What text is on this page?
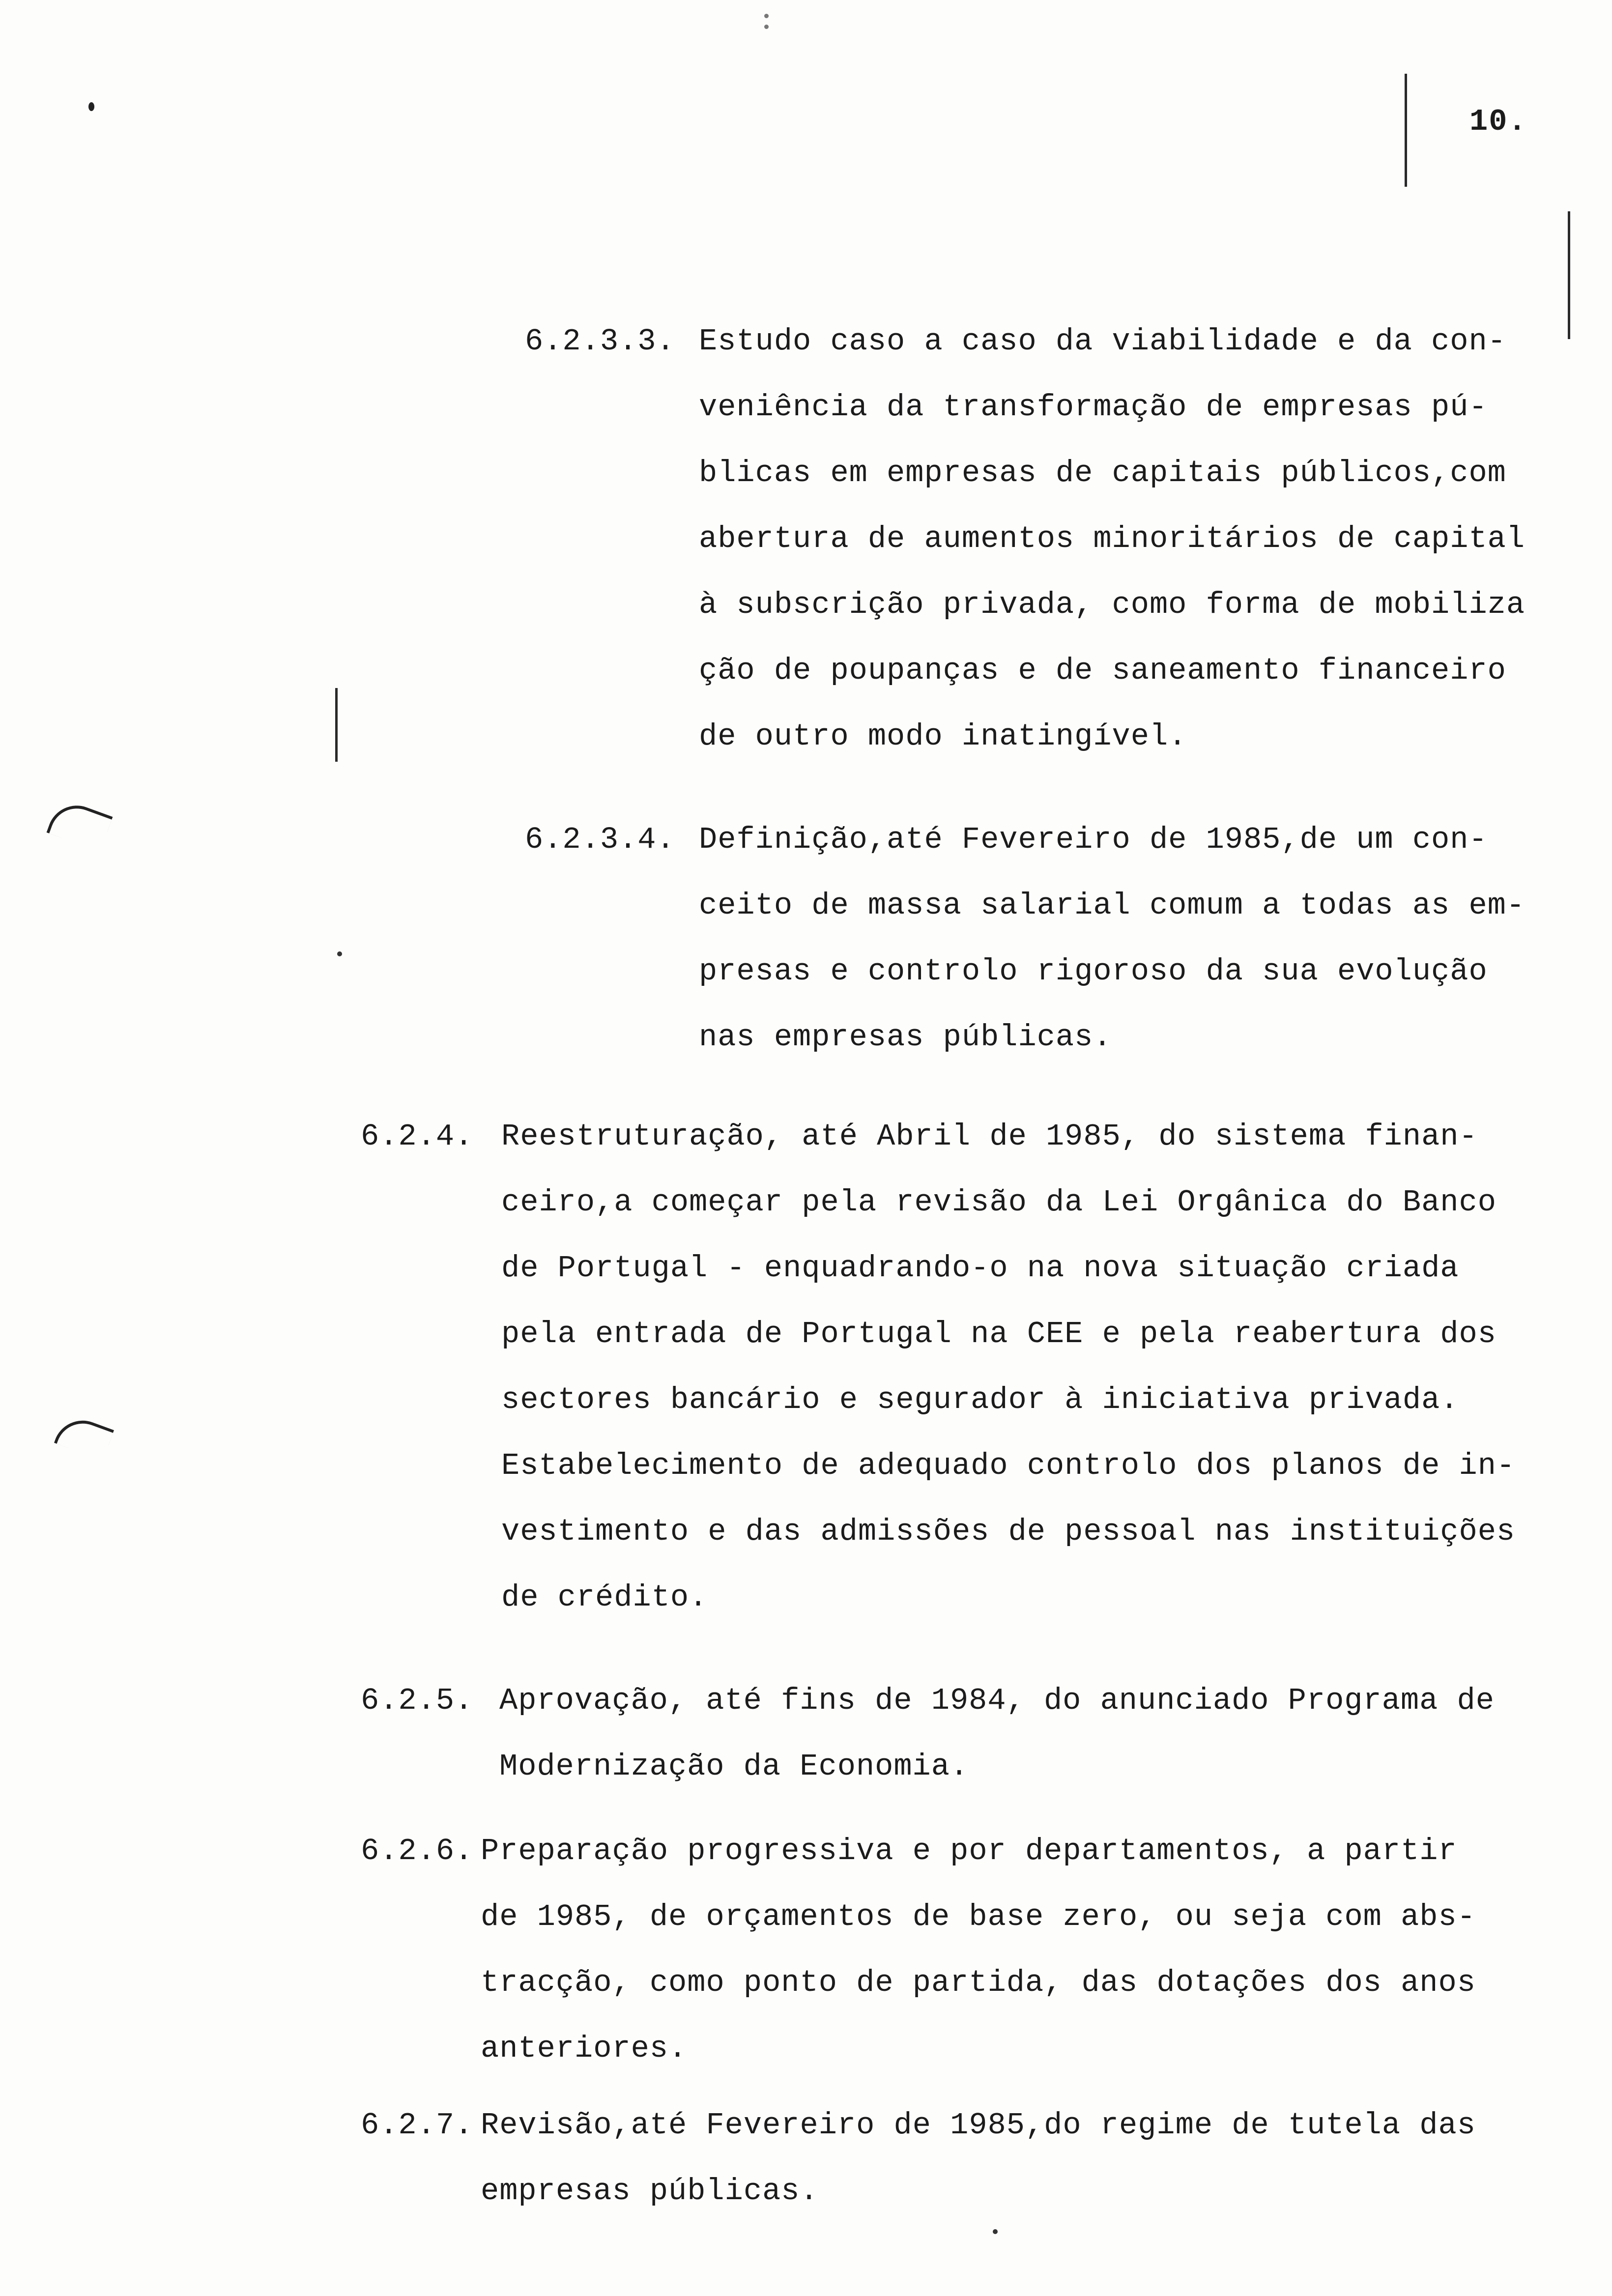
10.
6.2.3.3. Estudo caso a caso da viabilidade e da con-
veniência da transformação de empresas pú-
blicas em empresas de capitais públicos,com
abertura de aumentos minoritários de capital
à subscrição privada, como forma de mobiliza
ção de poupanças e de saneamento financeiro
de outro modo inatingível.
6.2.3.4. Definição,até Fevereiro de 1985,de um con-
ceito de massa salarial comum a todas as em-
presas e controlo rigoroso da sua evolução
nas empresas públicas.
6.2.4. Reestruturação, até Abril de 1985, do sistema finan-
ceiro,a começar pela revisão da Lei Orgânica do Banco
de Portugal - enquadrando-o na nova situação criada
pela entrada de Portugal na CEE e pela reabertura dos
sectores bancário e segurador à iniciativa privada.
Estabelecimento de adequado controlo dos planos de in-
vestimento e das admissões de pessoal nas instituições
de crédito.
6.2.5. Aprovação, até fins de 1984, do anunciado Programa de
Modernização da Economia.
6.2.6. Preparação progressiva e por departamentos, a partir
de 1985, de orçamentos de base zero, ou seja com abs-
tracção, como ponto de partida, das dotações dos anos
anteriores.
6.2.7. Revisão,até Fevereiro de 1985,do regime de tutela das
empresas públicas.
